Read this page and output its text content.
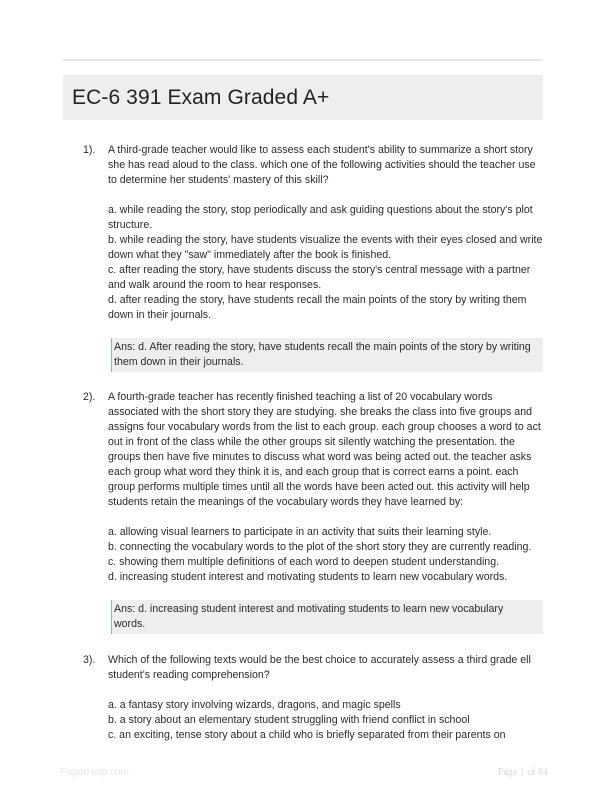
EC-6 391 Exam Graded A+
1). A third-grade teacher would like to assess each student's ability to summarize a short story she has read aloud to the class. which one of the following activities should the teacher use to determine her students' mastery of this skill?

a. while reading the story, stop periodically and ask guiding questions about the story's plot structure.

b. while reading the story, have students visualize the events with their eyes closed and write down what they "saw" immediately after the book is finished.

c. after reading the story, have students discuss the story's central message with a partner and walk around the room to hear responses.

d. after reading the story, have students recall the main points of the story by writing them down in their journals.

Ans: d. After reading the story, have students recall the main points of the story by writing them down in their journals.

2). A fourth-grade teacher has recently finished teaching a list of 20 vocabulary words associated with the short story they are studying. she breaks the class into five groups and assigns four vocabulary words from the list to each group. each group chooses a word to act out in front of the class while the other groups sit silently watching the presentation. the groups then have five minutes to discuss what word was being acted out. the teacher asks each group what word they think it is, and each group that is correct earns a point. each group performs multiple times until all the words have been acted out. this activity will help students retain the meanings of the vocabulary words they have learned by:

a. allowing visual learners to participate in an activity that suits their learning style.

b. connecting the vocabulary words to the plot of the short story they are currently reading.

c. showing them multiple definitions of each word to deepen student understanding.

d. increasing student interest and motivating students to learn new vocabulary words.

Ans: d. increasing student interest and motivating students to learn new vocabulary words.

3). Which of the following texts would be the best choice to accurately assess a third grade ell student's reading comprehension?

a. a fantasy story involving wizards, dragons, and magic spells

b. a story about an elementary student struggling with friend conflict in school

c. an exciting, tense story about a child who is briefly separated from their parents on

PaperHelp.com	Page 1 of 84
